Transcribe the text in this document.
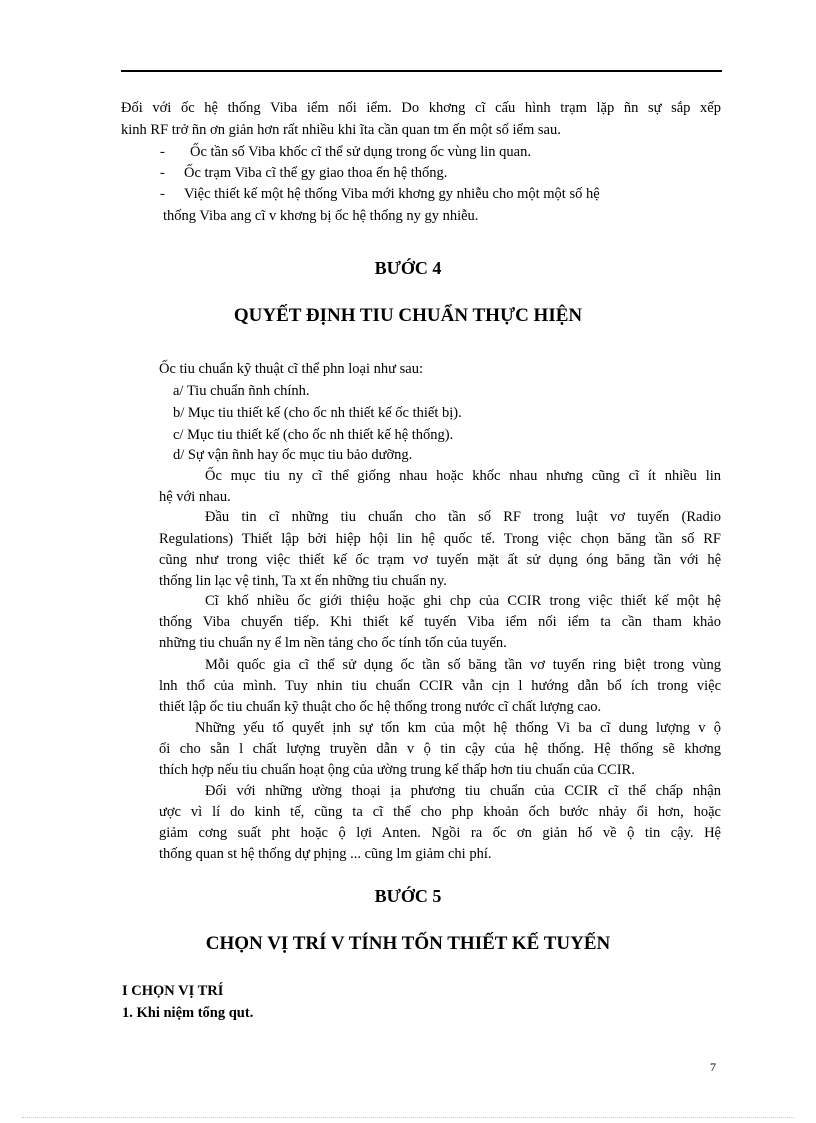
Đối với ốc hệ thống Viba iểm nối iểm. Do khơng cĩ cấu hình trạm lặp ñn sự sắp xếp
kinh RF trở ñn ơn giản hơn rất nhiều khi ĩta cần quan tm ến một số iểm sau.
- Ốc tần số Viba khốc cĩ thể sử dụng trong ốc vùng lin quan.
- Ốc trạm Viba cĩ thể gy giao thoa ến hệ thống.
- Việc thiết kế một hệ thống Viba mới khơng gy nhiễu cho một một số hệ
thống Viba ang cĩ v khơng bị ốc hệ thống ny gy nhiễu.
BƯỚC 4
QUYẾT ĐỊNH TIU CHUẨN THỰC HIỆN
Ốc tiu chuẩn kỹ thuật cĩ thể phn loại như sau:
a/ Tiu chuẩn ñnh chính.
b/ Mục tiu thiết kế (cho ốc nh thiết kế ốc thiết bị).
c/ Mục tiu thiết kế (cho ốc nh thiết kế hệ thống).
d/ Sự vận ñnh hay ốc mục tiu bảo dưỡng.
Ốc mục tiu ny cĩ thể giống nhau hoặc khốc nhau nhưng cũng cĩ ít nhiều lin
hệ với nhau.
Đầu tin cĩ những tiu chuẩn cho tần số RF trong luật vơ tuyến (Radio
Regulations) Thiết lập bởi hiệp hội lin hệ quốc tế. Trong việc chọn băng tần số RF
cũng như trong việc thiết kế ốc trạm vơ tuyến mặt ất sử dụng óng băng tần với hệ
thống lin lạc vệ tinh, Ta xt ến những tiu chuẩn ny.
Cĩ khố nhiều ốc giới thiệu hoặc ghi chp của CCIR trong việc thiết kế một hệ
thống Viba chuyển tiếp. Khi thiết kế tuyến Viba iểm nối iểm ta cần tham khảo
những tiu chuẩn ny ể lm nền tảng cho ốc tính tốn của tuyến.
Mỗi quốc gia cĩ thể sử dụng ốc tần số băng tần vơ tuyến ring biệt trong vùng
lnh thổ của mình. Tuy nhin tiu chuẩn CCIR vẫn cịn l hướng dẫn bổ ích trong việc
thiết lập ốc tiu chuẩn kỹ thuật cho ốc hệ thống trong nước cĩ chất lượng cao.
Những yếu tố quyết ịnh sự tốn km của một hệ thống Vi ba cĩ dung lượng v ộ
ổi cho sẵn l chất lượng truyền dẫn v ộ tin cậy của hệ thống. Hệ thống sẽ khơng
thích hợp nếu tiu chuẩn hoạt ộng của ường trung kế thấp hơn tiu chuẩn của CCIR.
Đối với những ường thoại ịa phương tiu chuẩn của CCIR cĩ thể chấp nhận
ược vì lí do kinh tế, cũng ta cĩ thể cho php khoản ốch bước nhảy ổi hơn, hoặc
giảm cơng suất pht hoặc ộ lợi Anten. Ngồi ra ốc ơn giản hố về ộ tin cậy. Hệ
thống quan st hệ thống dự phịng ... cũng lm giảm chi phí.
BƯỚC 5
CHỌN VỊ TRÍ V TÍNH TỐN THIẾT KẾ TUYẾN
I CHỌN VỊ TRÍ
1. Khi niệm tổng qut.
7
